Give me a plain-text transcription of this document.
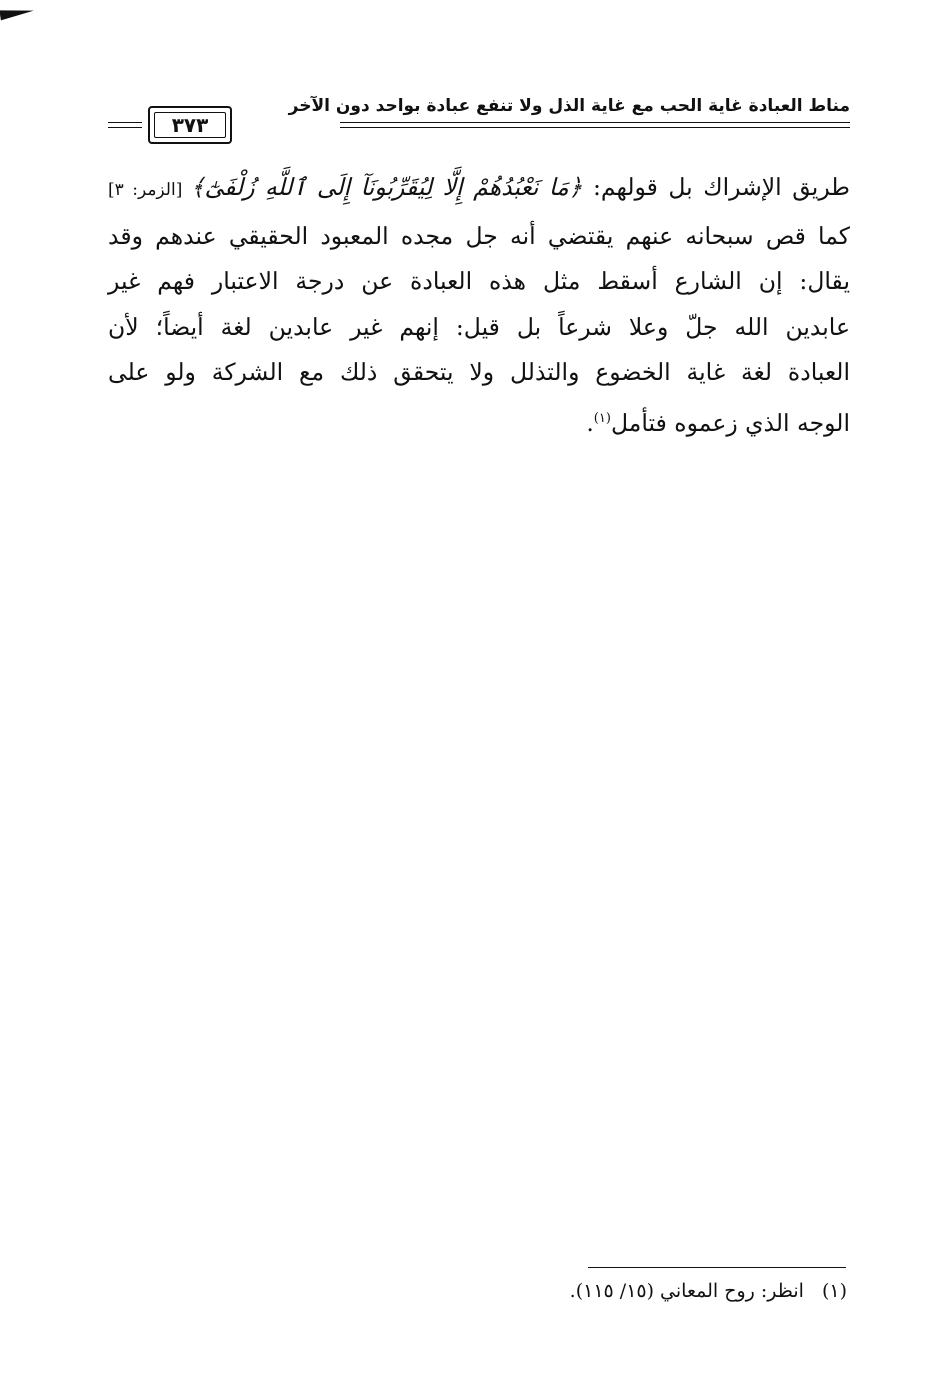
مناط العبادة غاية الحب مع غاية الذل ولا تنفع عبادة بواحد دون الآخر
٣٧٣
طريق الإشراك بل قولهم: ﴿مَا نَعْبُدُهُمْ إِلَّا لِيُقَرِّبُونَآ إِلَى ٱللَّهِ زُلْفَىٰٓ﴾ [الزمر: ٣]
كما قص سبحانه عنهم يقتضي أنه جل مجده المعبود الحقيقي عندهم وقد
يقال: إن الشارع أسقط مثل هذه العبادة عن درجة الاعتبار فهم غير
عابدين الله جلّ وعلا شرعاً بل قيل: إنهم غير عابدين لغة أيضاً؛ لأن
العبادة لغة غاية الخضوع والتذلل ولا يتحقق ذلك مع الشركة ولو على
الوجه الذي زعموه فتأمل$^{(١)}$.
(١)انظر: روح المعاني (١٥/ ١١٥).
